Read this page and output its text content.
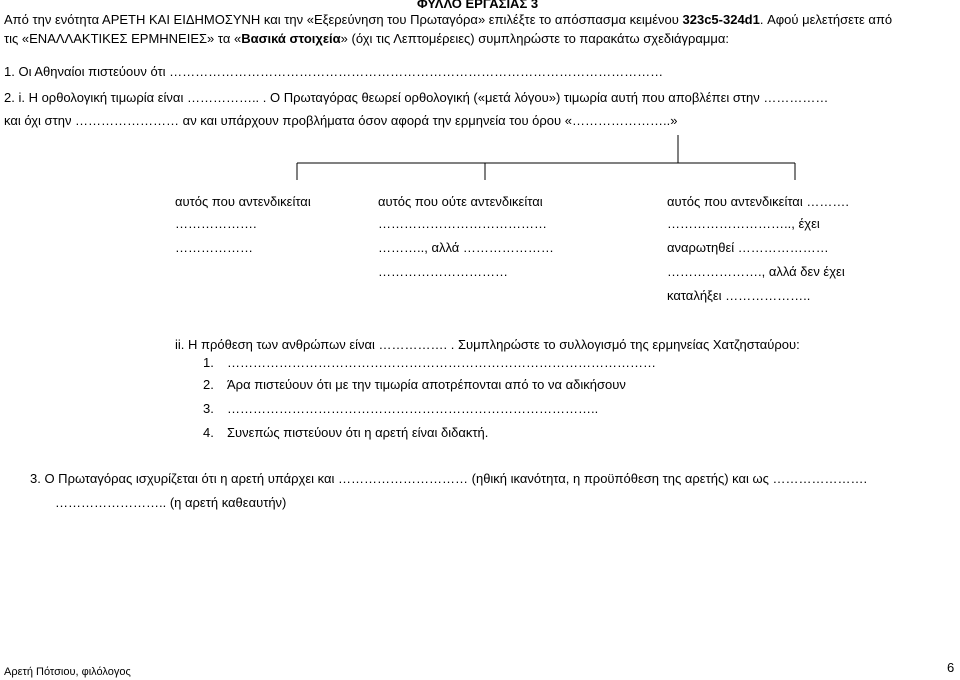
ΦΥΛΛΟ ΕΡΓΑΣΙΑΣ 3
Από την ενότητα ΑΡΕΤΗ ΚΑΙ ΕΙΔΗΜΟΣΥΝΗ και την «Εξερεύνηση του Πρωταγόρα» επιλέξτε το απόσπασμα κειμένου 323c5-324d1. Αφού μελετήσετε από
τις «ΕΝΑΛΛΑΚΤΙΚΕΣ ΕΡΜΗΝΕΙΕΣ» τα «Βασικά στοιχεία» (όχι τις Λεπτομέρειες) συμπληρώστε το παρακάτω σχεδιάγραμμα:
1. Οι Αθηναίοι πιστεύουν ότι ……………………………………………………………………………………………………
2. i. Η ορθολογική τιμωρία είναι …………….. . Ο Πρωταγόρας θεωρεί ορθολογική («μετά λόγου») τιμωρία αυτή που αποβλέπει στην ……………
και όχι στην …………………… αν και υπάρχουν προβλήματα όσον αφορά την ερμηνεία του όρου «…………………..»
αυτός που αντενδικείται
……………….
………………
αυτός που ούτε αντενδικείται
…………………………………
……….., αλλά …………………
…………………………
αυτός που αντενδικείται ……….
……………………….., έχει
αναρωτηθεί …………………
…………………., αλλά δεν έχει
καταλήξει ………………..
ii. Η πρόθεση των ανθρώπων είναι ……………. . Συμπληρώστε το συλλογισμό της ερμηνείας Χατζησταύρου:
1. ………………………………………………………………………………………
2. Άρα πιστεύουν ότι με την τιμωρία αποτρέπονται από το να αδικήσουν
3. …………………………………………………………………………..
4. Συνεπώς πιστεύουν ότι η αρετή είναι διδακτή.
3. Ο Πρωταγόρας ισχυρίζεται ότι η αρετή υπάρχει και ………………………… (ηθική ικανότητα, η προϋπόθεση της αρετής) και ως ………………….
…………………….. (η αρετή καθεαυτήν)
Αρετή Πότσιου, φιλόλογος	6
